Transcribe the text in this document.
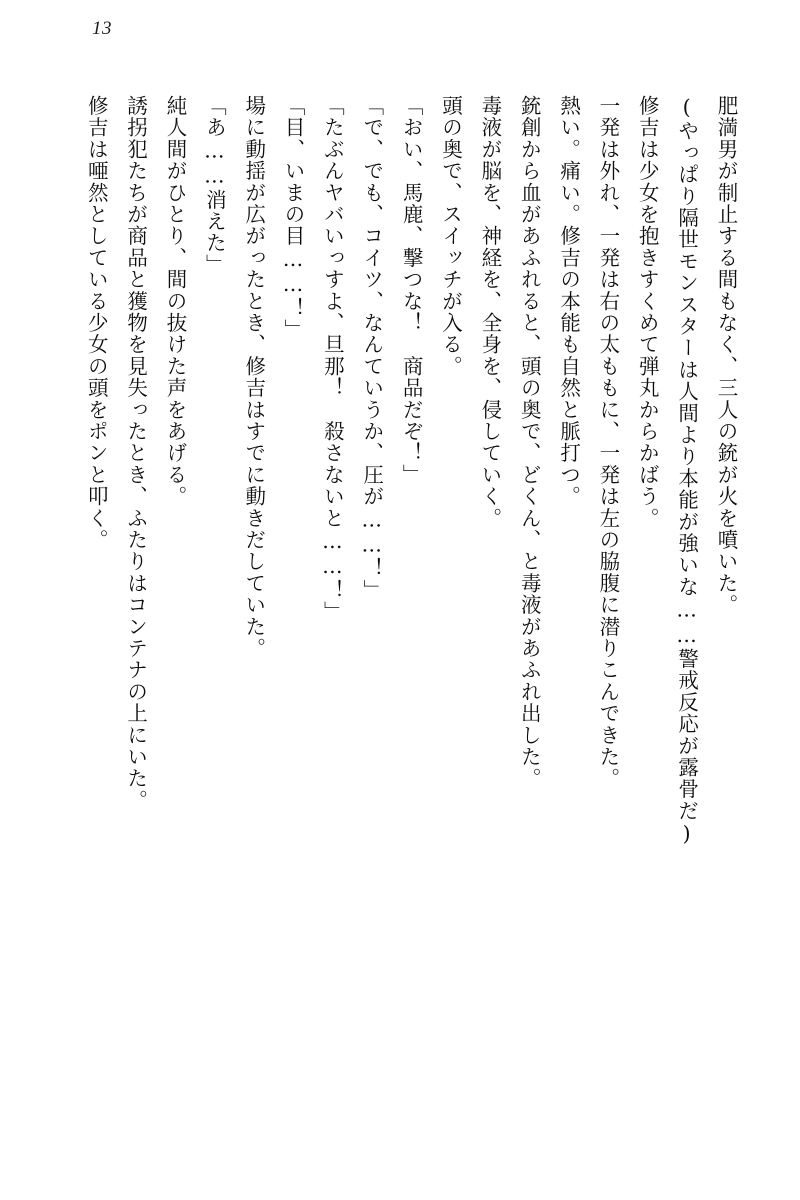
13

肥満男が制止する間もなく、三人の銃が火を噴いた。

(やっぱり隔世モンスターは人間より本能が強いな……警戒反応が露骨だ)

修吉は少女を抱きすくめて弾丸からかばう。

一発は外れ、一発は右の太ももに、一発は左の脇腹に潜りこんできた。

熱い。痛い。修吉の本能も自然と脈打つ。

銃創から血があふれると、頭の奥で、どくん、と毒液があふれ出した。

毒液が脳を、神経を、全身を、侵していく。

頭の奥で、スイッチが入る。

「おい、馬鹿、撃つな！　商品だぞ！」

「で、でも、コイツ、なんていうか、圧が……！」

「たぶんヤバいっすよ、旦那！　殺さないと……！」

「目、いまの目……！」

場に動揺が広がったとき、修吉はすでに動きだしていた。

「あ……消えた」

純人間がひとり、間の抜けた声をあげる。

誘拐犯たちが商品と獲物を見失ったとき、ふたりはコンテナの上にいた。

修吉は唖然としている少女の頭をポンと叩く。
